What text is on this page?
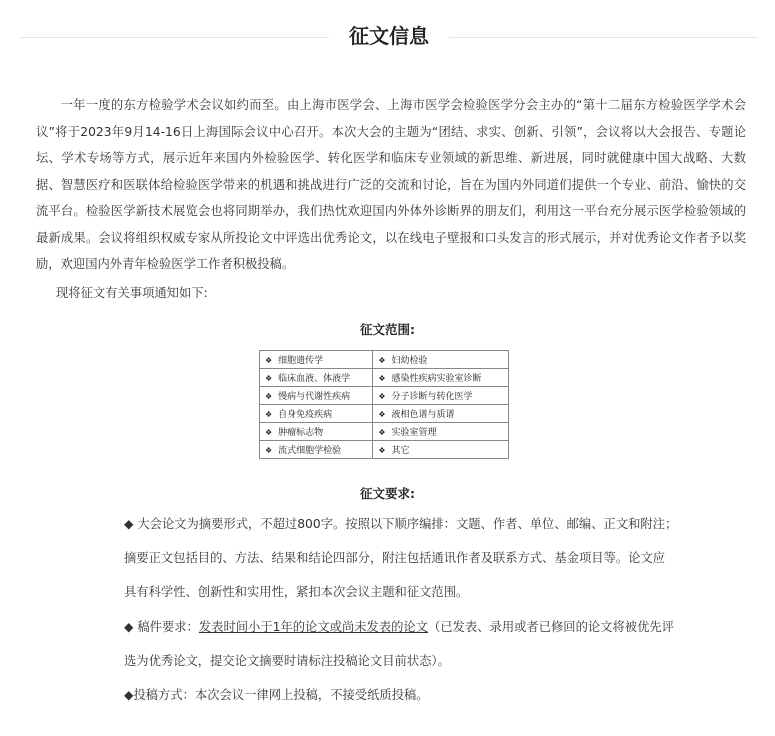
征文信息

一年一度的东方检验学术会议如约而至。由上海市医学会、上海市医学会检验医学分会主办的“第十二届东方检验医学学术会议”将于2023年9月14-16日上海国际会议中心召开。本次大会的主题为“团结、求实、创新、引领”，会议将以大会报告、专题论坛、学术专场等方式，展示近年来国内外检验医学、转化医学和临床专业领域的新思维、新进展，同时就健康中国大战略、大数据、智慧医疗和医联体给检验医学带来的机遇和挑战进行广泛的交流和讨论，旨在为国内外同道们提供一个专业、前沿、愉快的交流平台。检验医学新技术展览会也将同期举办，我们热忱欢迎国内外体外诊断界的朋友们，利用这一平台充分展示医学检验领域的最新成果。会议将组织权威专家从所投论文中评选出优秀论文，以在线电子壁报和口头发言的形式展示，并对优秀论文作者予以奖励，欢迎国内外青年检验医学工作者积极投稿。

现将征文有关事项通知如下:

征文范围:

❖ 细胞遗传学	❖ 妇幼检验
❖ 临床血液、体液学	❖ 感染性疾病实验室诊断
❖ 慢病与代谢性疾病	❖ 分子诊断与转化医学
❖ 自身免疫疾病	❖ 液相色谱与质谱
❖ 肿瘤标志物	❖ 实验室管理
❖ 流式细胞学检验	❖ 其它

征文要求:

◆ 大会论文为摘要形式，不超过800字。按照以下顺序编排：文题、作者、单位、邮编、正文和附注；

摘要正文包括目的、方法、结果和结论四部分，附注包括通讯作者及联系方式、基金项目等。论文应

具有科学性、创新性和实用性，紧扣本次会议主题和征文范围。

◆ 稿件要求：发表时间小于1年的论文或尚未发表的论文（已发表、录用或者已修回的论文将被优先评

选为优秀论文，提交论文摘要时请标注投稿论文目前状态）。

◆投稿方式：本次会议一律网上投稿，不接受纸质投稿。
